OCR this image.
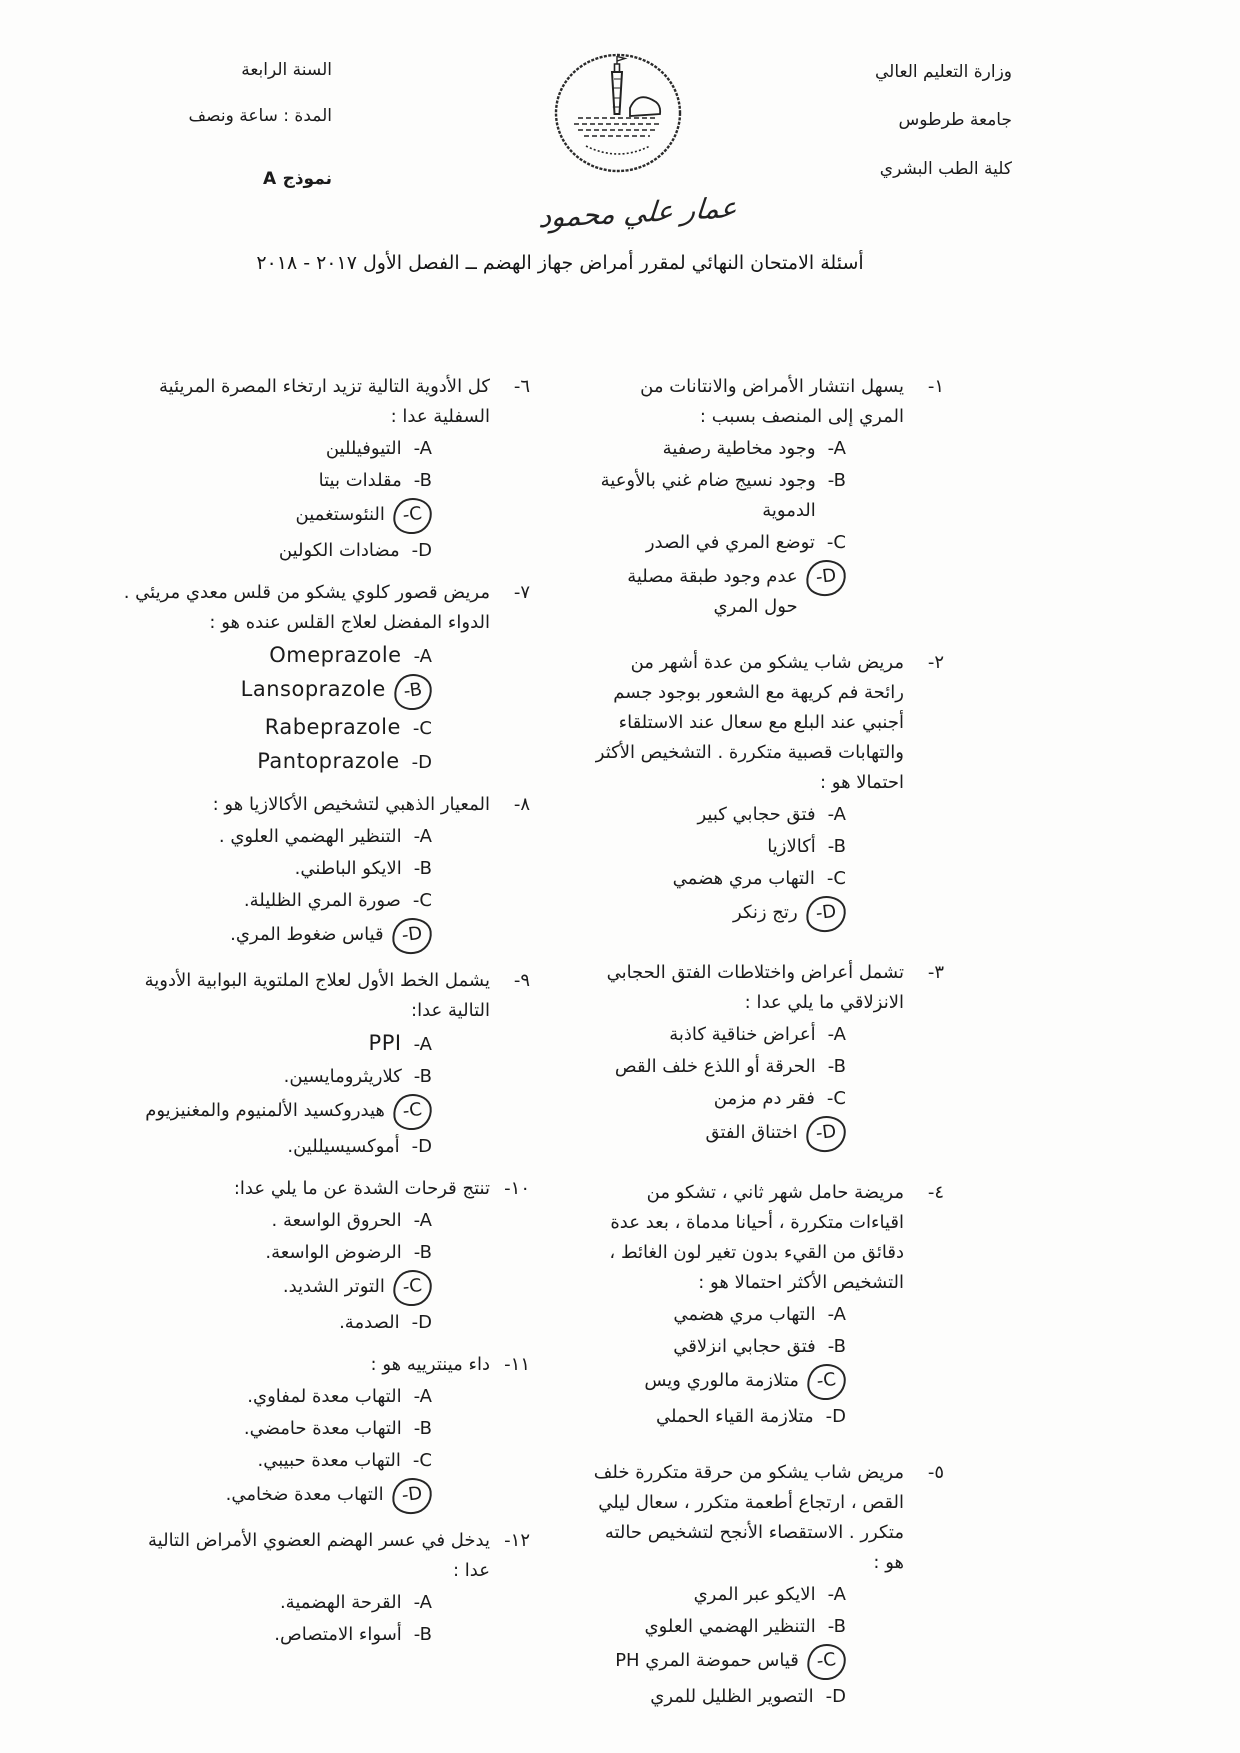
وزارة التعليم العالي
جامعة طرطوس
كلية الطب البشري
السنة الرابعة
المدة : ساعة ونصف
نموذج A
عمار علي محمود
أسئلة الامتحان النهائي لمقرر أمراض جهاز الهضم ــ الفصل الأول ٢٠١٧ - ٢٠١٨
-١
يسهل انتشار الأمراض والانتانات من المري إلى المنصف بسبب :
-A
وجود مخاطية رصفية
-B
وجود نسيج ضام غني بالأوعية الدموية
-C
توضع المري في الصدر
-D
عدم وجود طبقة مصلية حول المري
-٢
مريض شاب يشكو من عدة أشهر من رائحة فم كريهة مع الشعور بوجود جسم أجنبي عند البلع مع سعال عند الاستلقاء والتهابات قصبية متكررة . التشخيص الأكثر احتمالا هو :
-A
فتق حجابي كبير
-B
أكالازيا
-C
التهاب مري هضمي
-D
رتج زنكر
-٣
تشمل أعراض واختلاطات الفتق الحجابي الانزلاقي ما يلي عدا :
-A
أعراض خناقية كاذبة
-B
الحرقة أو اللذع خلف القص
-C
فقر دم مزمن
-D
اختناق الفتق
-٤
مريضة حامل شهر ثاني ، تشكو من اقياءات متكررة ، أحيانا مدماة ، بعد عدة دقائق من القيء بدون تغير لون الغائط ، التشخيص الأكثر احتمالا هو :
-A
التهاب مري هضمي
-B
فتق حجابي انزلاقي
-C
متلازمة مالوري ويس
-D
متلازمة القياء الحملي
-٥
مريض شاب يشكو من حرقة متكررة خلف القص ، ارتجاع أطعمة متكرر ، سعال ليلي متكرر . الاستقصاء الأنجح لتشخيص حالته هو :
-A
الايكو عبر المري
-B
التنظير الهضمي العلوي
-C
قياس حموضة المري PH
-D
التصوير الظليل للمري
-٦
كل الأدوية التالية تزيد ارتخاء المصرة المريئية السفلية عدا :
-A
التيوفيللين
-B
مقلدات بيتا
-C
النئوستغمين
-D
مضادات الكولين
-٧
مريض قصور كلوي يشكو من قلس معدي مريئي . الدواء المفضل لعلاج القلس عنده هو :
-A
Omeprazole
-B
Lansoprazole
-C
Rabeprazole
-D
Pantoprazole
-٨
المعيار الذهبي لتشخيص الأكالازيا هو :
-A
التنظير الهضمي العلوي .
-B
الايكو الباطني.
-C
صورة المري الظليلة.
-D
قياس ضغوط المري.
-٩
يشمل الخط الأول لعلاج الملتوية البوابية الأدوية التالية عدا:
-A
PPI
-B
كلاريثرومايسين.
-C
هيدروكسيد الألمنيوم والمغنيزيوم
-D
أموكسيسيللين.
-١٠
تنتج قرحات الشدة عن ما يلي عدا:
-A
الحروق الواسعة .
-B
الرضوض الواسعة.
-C
التوتر الشديد.
-D
الصدمة.
-١١
داء مينترييه هو :
-A
التهاب معدة لمفاوي.
-B
التهاب معدة حامضي.
-C
التهاب معدة حبيبي.
-D
التهاب معدة ضخامي.
-١٢
يدخل في عسر الهضم العضوي الأمراض التالية عدا :
-A
القرحة الهضمية.
-B
أسواء الامتصاص.
